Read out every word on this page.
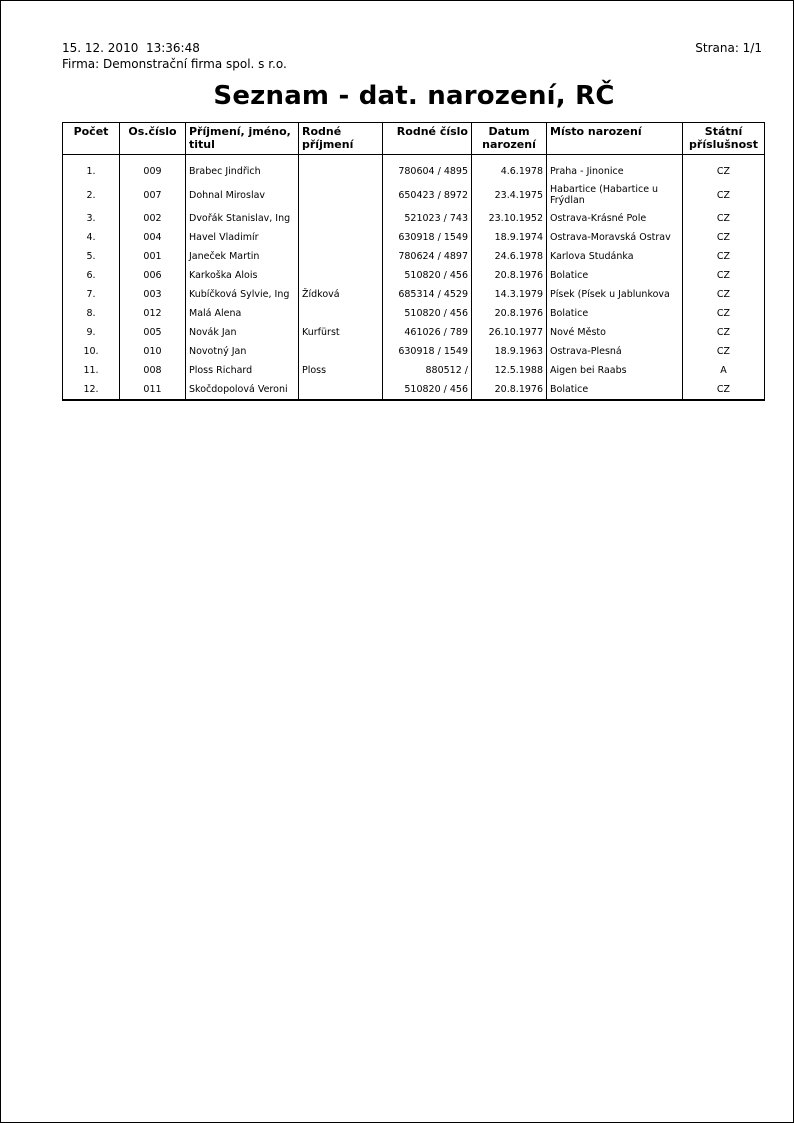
15. 12. 2010  13:36:48
Firma: Demonstrační firma spol. s r.o.
Strana: 1/1
Seznam - dat. narození, RČ
Počet	Os.číslo	Příjmení, jméno, titul	Rodné příjmení	Rodné číslo	Datum narození	Místo narození	Státní příslušnost
1.	009	Brabec Jindřich		780604 / 4895	4.6.1978	Praha - Jinonice	CZ
2.	007	Dohnal Miroslav		650423 / 8972	23.4.1975	Habartice (Habartice u Frýdlan	CZ
3.	002	Dvořák Stanislav, Ing		521023 / 743	23.10.1952	Ostrava-Krásné Pole	CZ
4.	004	Havel Vladimír		630918 / 1549	18.9.1974	Ostrava-Moravská Ostrav	CZ
5.	001	Janeček Martin		780624 / 4897	24.6.1978	Karlova Studánka	CZ
6.	006	Karkoška Alois		510820 / 456	20.8.1976	Bolatice	CZ
7.	003	Kubíčková Sylvie, Ing	Žídková	685314 / 4529	14.3.1979	Písek (Písek u Jablunkova	CZ
8.	012	Malá Alena		510820 / 456	20.8.1976	Bolatice	CZ
9.	005	Novák Jan	Kurfürst	461026 / 789	26.10.1977	Nové Město	CZ
10.	010	Novotný Jan		630918 / 1549	18.9.1963	Ostrava-Plesná	CZ
11.	008	Ploss Richard	Ploss	880512 /	12.5.1988	Aigen bei Raabs	A
12.	011	Skočdopolová Veroni		510820 / 456	20.8.1976	Bolatice	CZ
